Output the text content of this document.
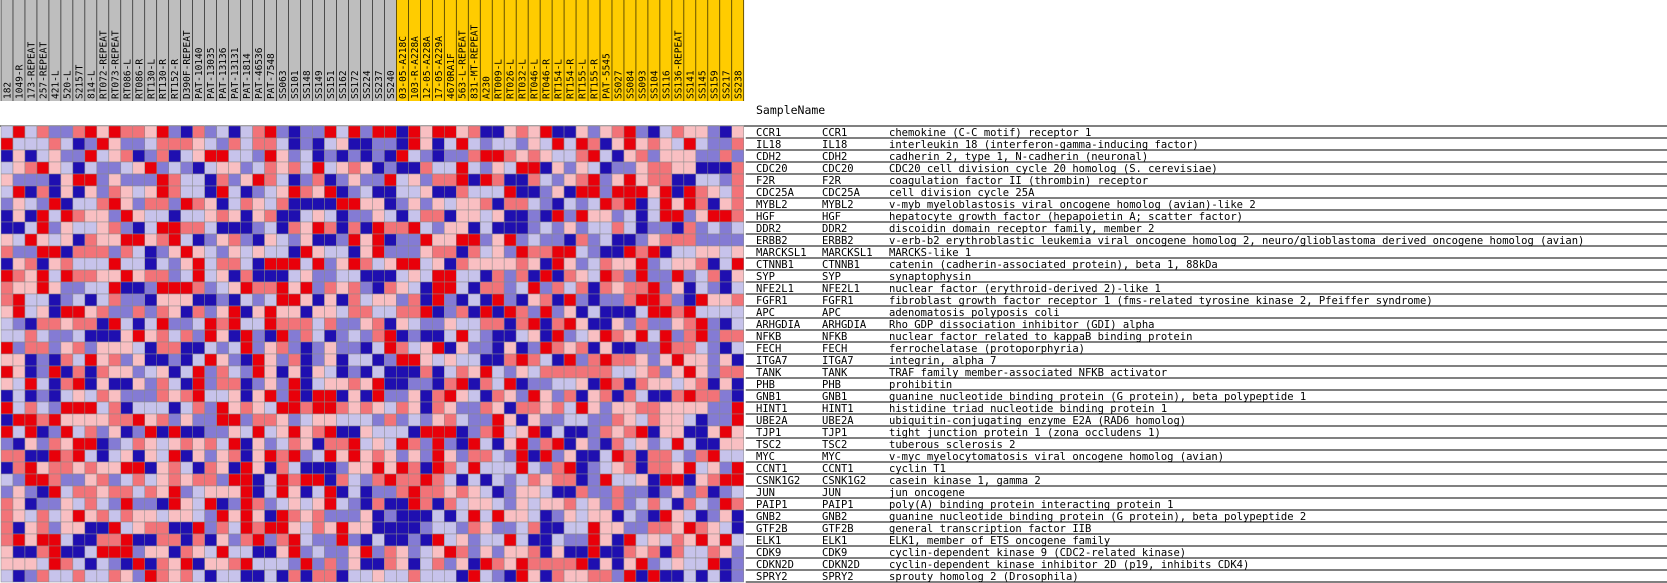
182 1049-R 173-REPEAT 257-REPEAT 421-L 520-L S2157T 814-L RT072-REPEAT RT073-REPEAT RT086-L RT086-R RT130-L RT130-R RT152-R D390F-REPEAT PAT-10140 PAT-13035 PAT-13136 PAT-13131 PAT-1814 PAT-46536 PAT-7548 SS063 SS101 SS148 SS149 SS151 SS162 SS172 SS224 SS237 SS240 03-05-A218C 103-R-A228A 12-05-A228A 17-05-A229A 4670RA1F 563-L-REPEAT 831-MT-REPEAT A230 RT009-L RT026-L RT032-L RT046-L RT046-R RT154-L RT154-R RT155-L RT155-R PAT-5545 SS027 SS084 SS093 SS104 SS116 SS136-REPEAT SS141 SS145 SS159 SS217 SS238
SampleName
CCR1	CCR1	chemokine (C-C motif) receptor 1
IL18	IL18	interleukin 18 (interferon-gamma-inducing factor)
CDH2	CDH2	cadherin 2, type 1, N-cadherin (neuronal)
CDC20	CDC20	CDC20 cell division cycle 20 homolog (S. cerevisiae)
F2R	F2R	coagulation factor II (thrombin) receptor
CDC25A	CDC25A	cell division cycle 25A
MYBL2	MYBL2	v-myb myeloblastosis viral oncogene homolog (avian)-like 2
HGF	HGF	hepatocyte growth factor (hepapoietin A; scatter factor)
DDR2	DDR2	discoidin domain receptor family, member 2
ERBB2	ERBB2	v-erb-b2 erythroblastic leukemia viral oncogene homolog 2, neuro/glioblastoma derived oncogene homolog (avian)
MARCKSL1 MARCKSL1 MARCKS-like 1
CTNNB1	CTNNB1	catenin (cadherin-associated protein), beta 1, 88kDa
SYP	SYP	synaptophysin
NFE2L1	NFE2L1	nuclear factor (erythroid-derived 2)-like 1
FGFR1	FGFR1	fibroblast growth factor receptor 1 (fms-related tyrosine kinase 2, Pfeiffer syndrome)
APC	APC	adenomatosis polyposis coli
ARHGDIA ARHGDIA Rho GDP dissociation inhibitor (GDI) alpha
NFKB	NFKB	nuclear factor related to kappaB binding protein
FECH	FECH	ferrochelatase (protoporphyria)
ITGA7	ITGA7	integrin, alpha 7
TANK	TANK	TRAF family member-associated NFKB activator
PHB	PHB	prohibitin
GNB1	GNB1	guanine nucleotide binding protein (G protein), beta polypeptide 1
HINT1	HINT1	histidine triad nucleotide binding protein 1
UBE2A	UBE2A	ubiquitin-conjugating enzyme E2A (RAD6 homolog)
TJP1	TJP1	tight junction protein 1 (zona occludens 1)
TSC2	TSC2	tuberous sclerosis 2
MYC	MYC	v-myc myelocytomatosis viral oncogene homolog (avian)
CCNT1	CCNT1	cyclin T1
CSNK1G2 CSNK1G2 casein kinase 1, gamma 2
JUN	JUN	jun oncogene
PAIP1	PAIP1	poly(A) binding protein interacting protein 1
GNB2	GNB2	guanine nucleotide binding protein (G protein), beta polypeptide 2
GTF2B	GTF2B	general transcription factor IIB
ELK1	ELK1	ELK1, member of ETS oncogene family
CDK9	CDK9	cyclin-dependent kinase 9 (CDC2-related kinase)
CDKN2D	CDKN2D	cyclin-dependent kinase inhibitor 2D (p19, inhibits CDK4)
SPRY2	SPRY2	sprouty homolog 2 (Drosophila)
